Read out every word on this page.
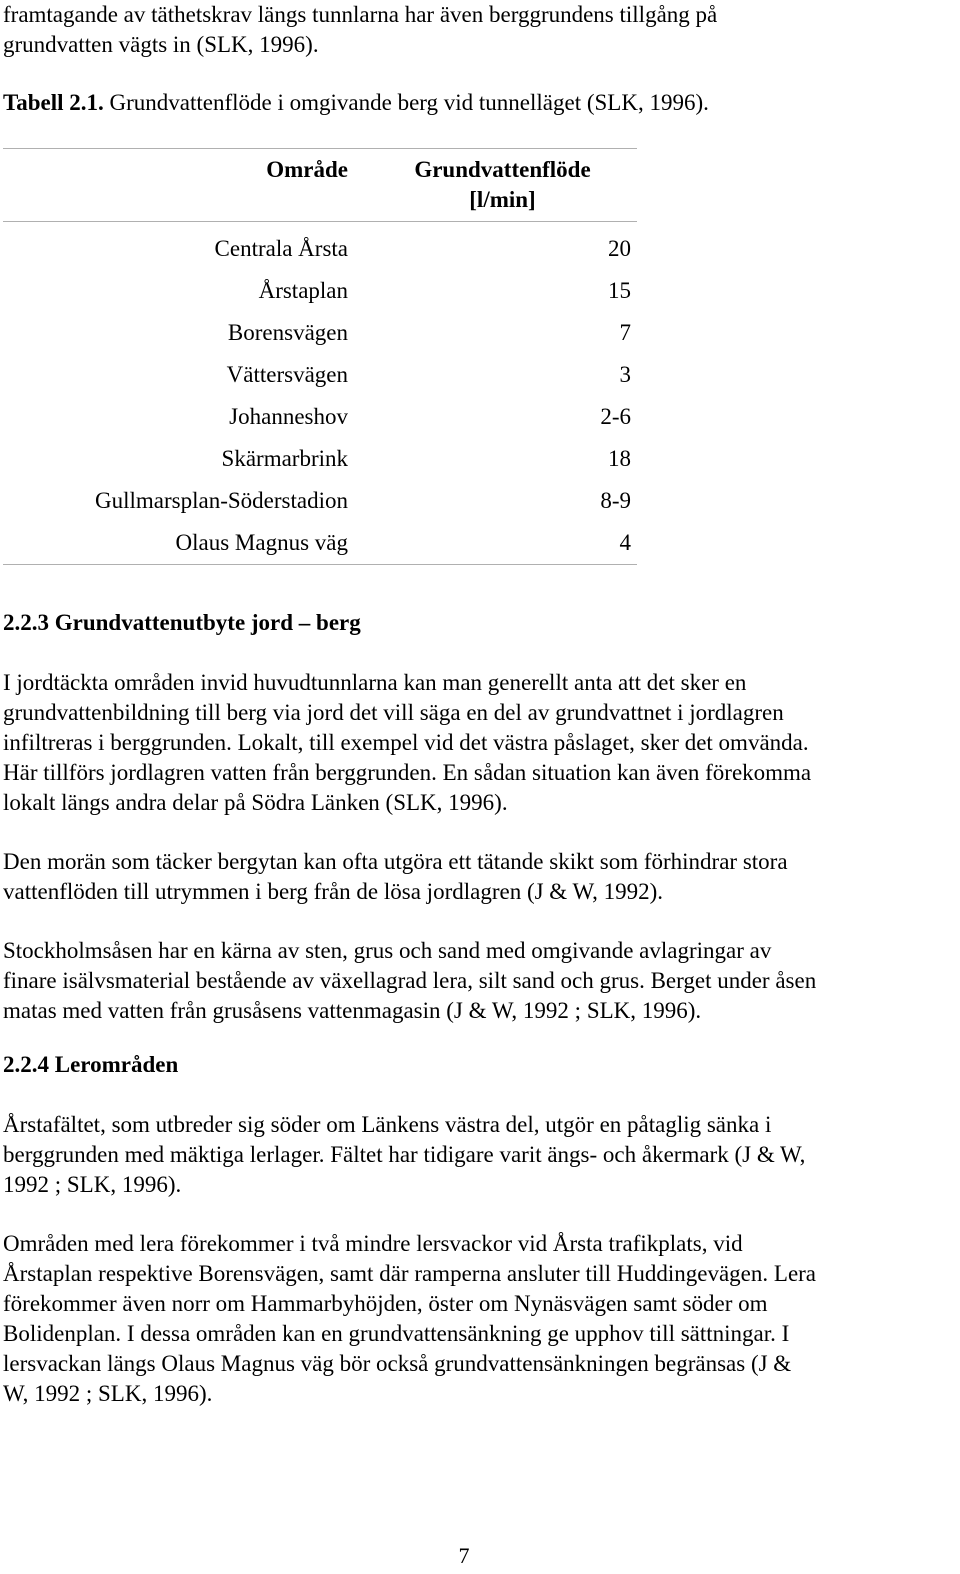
framtagande av täthetskrav längs tunnlarna har även berggrundens tillgång på

grundvatten vägts in (SLK, 1996).

Tabell 2.1. Grundvattenflöde i omgivande berg vid tunnelläget (SLK, 1996).
Område	Grundvattenflöde
[l/min]

Centrala Årsta	20
Årstaplan	15
Borensvägen	7
Vättersvägen	3
Johanneshov	2-6
Skärmarbrink	18
Gullmarsplan-Söderstadion	8-9
Olaus Magnus väg	4

2.2.3 Grundvattenutbyte jord – berg

I jordtäckta områden invid huvudtunnlarna kan man generellt anta att det sker en

grundvattenbildning till berg via jord det vill säga en del av grundvattnet i jordlagren

infiltreras i berggrunden. Lokalt, till exempel vid det västra påslaget, sker det omvända.

Här tillförs jordlagren vatten från berggrunden. En sådan situation kan även förekomma

lokalt längs andra delar på Södra Länken (SLK, 1996).

Den morän som täcker bergytan kan ofta utgöra ett tätande skikt som förhindrar stora

vattenflöden till utrymmen i berg från de lösa jordlagren (J & W, 1992).

Stockholmsåsen har en kärna av sten, grus och sand med omgivande avlagringar av

finare isälvsmaterial bestående av växellagrad lera, silt sand och grus. Berget under åsen

matas med vatten från grusåsens vattenmagasin (J & W, 1992 ; SLK, 1996).

2.2.4 Lerområden

Årstafältet, som utbreder sig söder om Länkens västra del, utgör en påtaglig sänka i

berggrunden med mäktiga lerlager. Fältet har tidigare varit ängs- och åkermark (J & W,

1992 ; SLK, 1996).

Områden med lera förekommer i två mindre lersvackor vid Årsta trafikplats, vid

Årstaplan respektive Borensvägen, samt där ramperna ansluter till Huddingevägen. Lera

förekommer även norr om Hammarbyhöjden, öster om Nynäsvägen samt söder om

Bolidenplan. I dessa områden kan en grundvattensänkning ge upphov till sättningar. I

lersvackan längs Olaus Magnus väg bör också grundvattensänkningen begränsas (J &

W, 1992 ; SLK, 1996).

7
